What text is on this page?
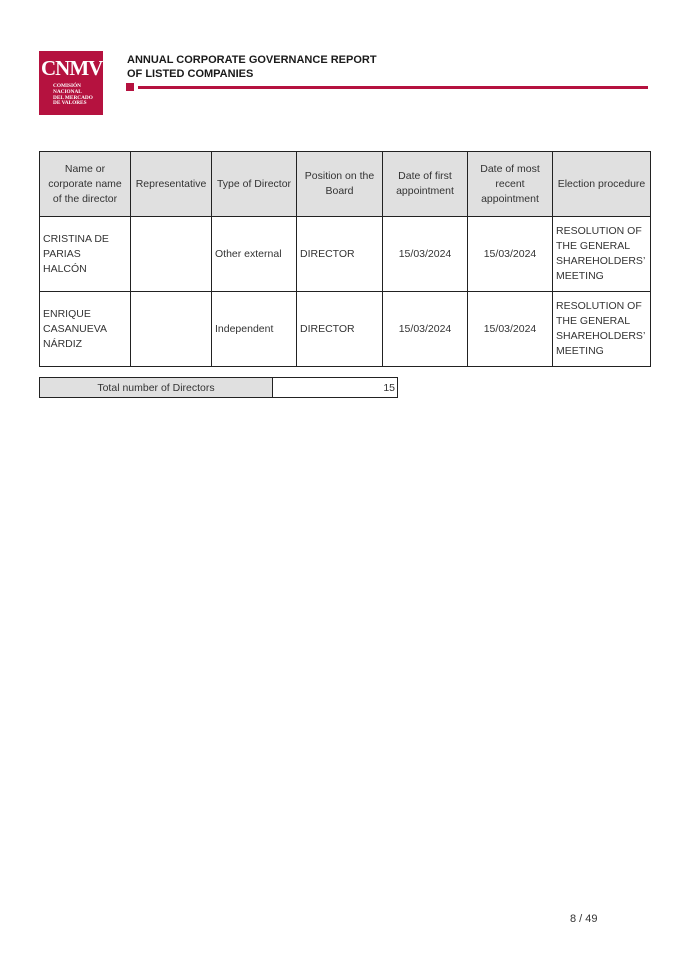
CNMV
COMISIÓN
NACIONAL
DEL MERCADO
DE VALORES
ANNUAL CORPORATE GOVERNANCE REPORT
OF LISTED COMPANIES
Name or corporate name of the director	Representative	Type of Director	Position on the Board	Date of first appointment	Date of most recent appointment	Election procedure
CRISTINA DE PARIAS HALCÓN		Other external	DIRECTOR	15/03/2024	15/03/2024	RESOLUTION OF THE GENERAL SHAREHOLDERS’ MEETING
ENRIQUE CASANUEVA NÁRDIZ		Independent	DIRECTOR	15/03/2024	15/03/2024	RESOLUTION OF THE GENERAL SHAREHOLDERS’ MEETING
Total number of Directors	15
8 / 49
